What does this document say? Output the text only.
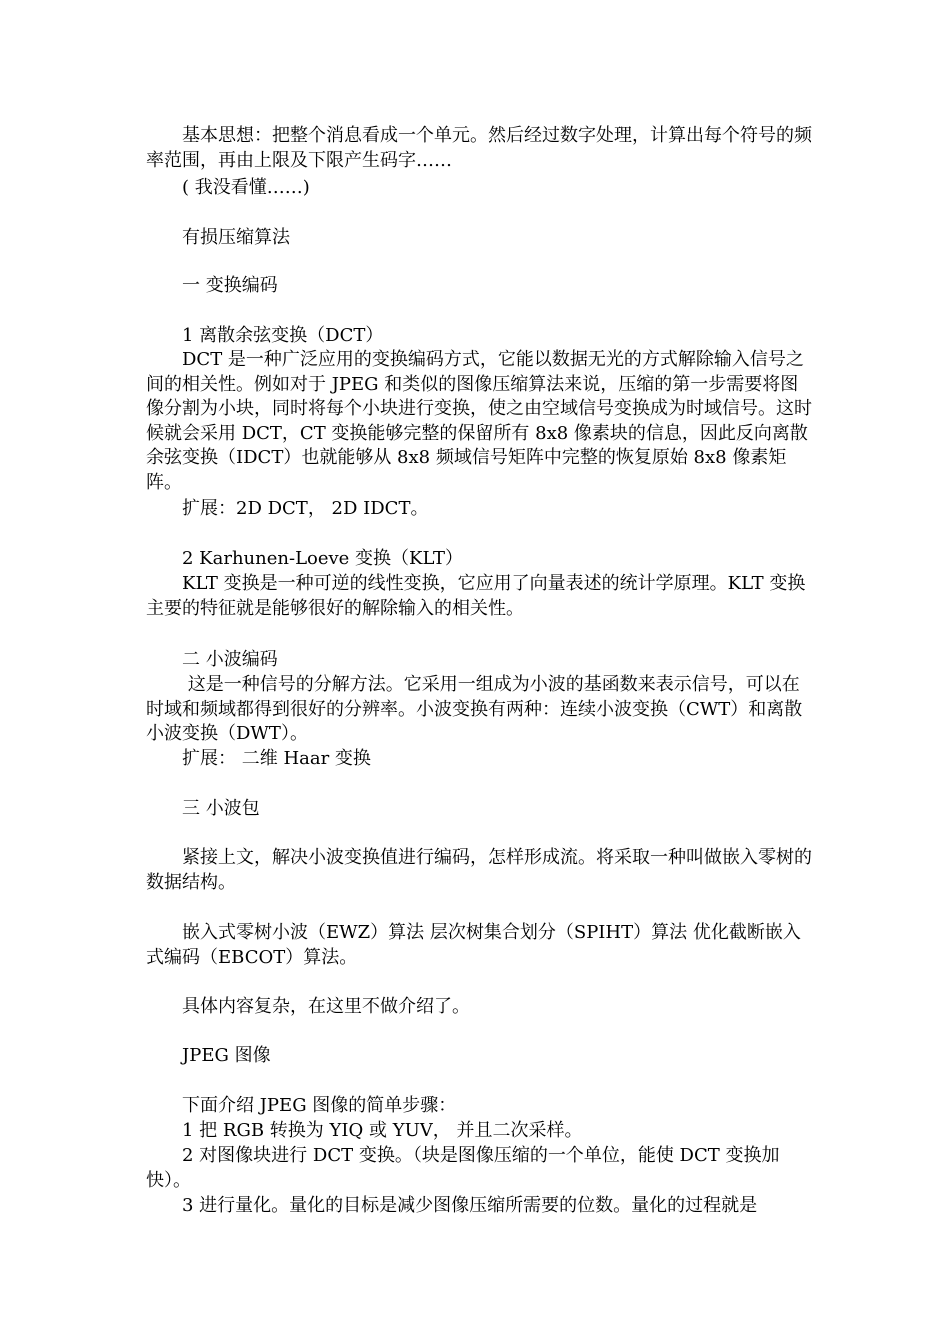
基本思想：把整个消息看成一个单元。然后经过数字处理，计算出每个符号的频率范围，再由上限及下限产生码字……

( 我没看懂……)

有损压缩算法

一 变换编码

1 离散余弦变换（DCT）

DCT 是一种广泛应用的变换编码方式，它能以数据无光的方式解除输入信号之间的相关性。例如对于 JPEG 和类似的图像压缩算法来说，压缩的第一步需要将图像分割为小块，同时将每个小块进行变换，使之由空域信号变换成为时域信号。这时候就会采用 DCT，CT 变换能够完整的保留所有 8x8 像素块的信息，因此反向离散余弦变换（IDCT）也就能够从 8x8 频域信号矩阵中完整的恢复原始 8x8 像素矩阵。

扩展：2D DCT， 2D IDCT。

2 Karhunen-Loeve 变换（KLT）

KLT 变换是一种可逆的线性变换，它应用了向量表述的统计学原理。KLT 变换主要的特征就是能够很好的解除输入的相关性。

二 小波编码

这是一种信号的分解方法。它采用一组成为小波的基函数来表示信号，可以在时域和频域都得到很好的分辨率。小波变换有两种：连续小波变换（CWT）和离散小波变换（DWT）。

扩展： 二维 Haar 变换

三 小波包

紧接上文，解决小波变换值进行编码，怎样形成流。将采取一种叫做嵌入零树的数据结构。

嵌入式零树小波（EWZ）算法 层次树集合划分（SPIHT）算法 优化截断嵌入式编码（EBCOT）算法。

具体内容复杂，在这里不做介绍了。

JPEG 图像

下面介绍 JPEG 图像的简单步骤：

1 把 RGB 转换为 YIQ 或 YUV， 并且二次采样。

2 对图像块进行 DCT 变换。（块是图像压缩的一个单位，能使 DCT 变换加快）。

3 进行量化。量化的目标是减少图像压缩所需要的位数。量化的过程就是
